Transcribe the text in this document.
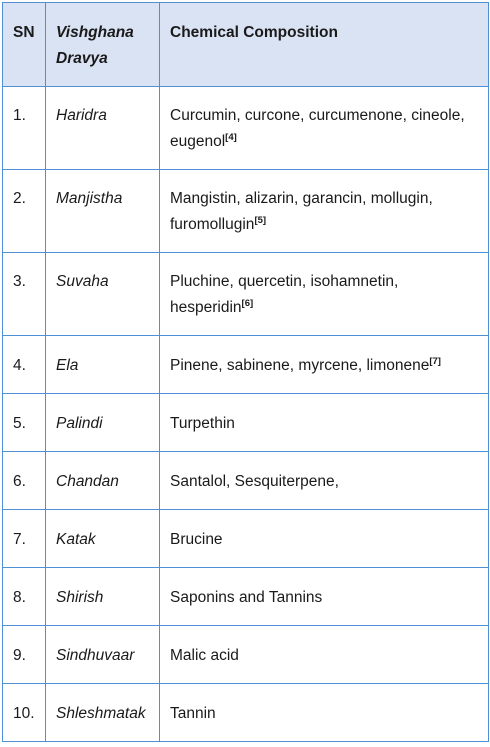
SN	Vishghana Dravya	Chemical Composition
1.	Haridra	Curcumin, curcone, curcumenone, cineole, eugenol[4]
2.	Manjistha	Mangistin, alizarin, garancin, mollugin, furomollugin[5]
3.	Suvaha	Pluchine, quercetin, isohamnetin, hesperidin[6]
4.	Ela	Pinene, sabinene, myrcene, limonene[7]
5.	Palindi	Turpethin
6.	Chandan	Santalol, Sesquiterpene,
7.	Katak	Brucine
8.	Shirish	Saponins and Tannins
9.	Sindhuvaar	Malic acid
10.	Shleshmatak	Tannin
